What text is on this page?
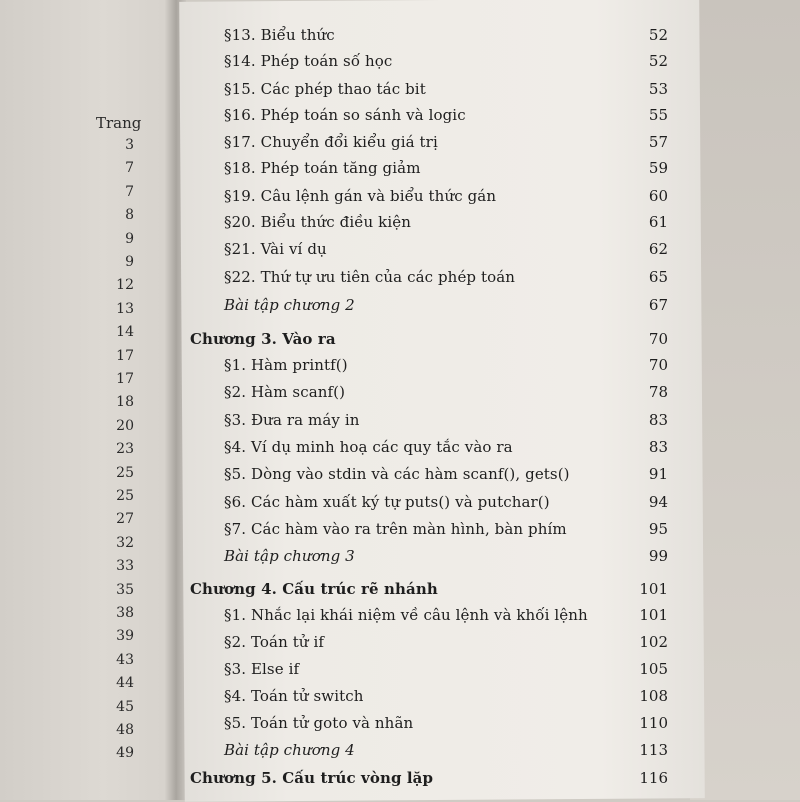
Trang
3
7
7
8
9
9
12
13
14
17
17
18
20
23
25
25
27
32
33
35
38
39
43
44
45
48
49
§13. Biểu thức	52
§14. Phép toán số học	52
§15. Các phép thao tác bit	53
§16. Phép toán so sánh và logic	55
§17. Chuyển đổi kiểu giá trị	57
§18. Phép toán tăng giảm	59
§19. Câu lệnh gán và biểu thức gán	60
§20. Biểu thức điều kiện	61
§21. Vài ví dụ	62
§22. Thứ tự ưu tiên của các phép toán	65
Bài tập chương 2	67
Chương 3. Vào ra	70
§1. Hàm printf()	70
§2. Hàm scanf()	78
§3. Đưa ra máy in	83
§4. Ví dụ minh hoạ các quy tắc vào ra	83
§5. Dòng vào stdin và các hàm scanf(), gets()	91
§6. Các hàm xuất ký tự puts() và putchar()	94
§7. Các hàm vào ra trên màn hình, bàn phím	95
Bài tập chương 3	99
Chương 4. Cấu trúc rẽ nhánh	101
§1. Nhắc lại khái niệm về câu lệnh và khối lệnh	101
§2. Toán tử if	102
§3. Else if	105
§4. Toán tử switch	108
§5. Toán tử goto và nhãn	110
Bài tập chương 4	113
Chương 5. Cấu trúc vòng lặp	116
